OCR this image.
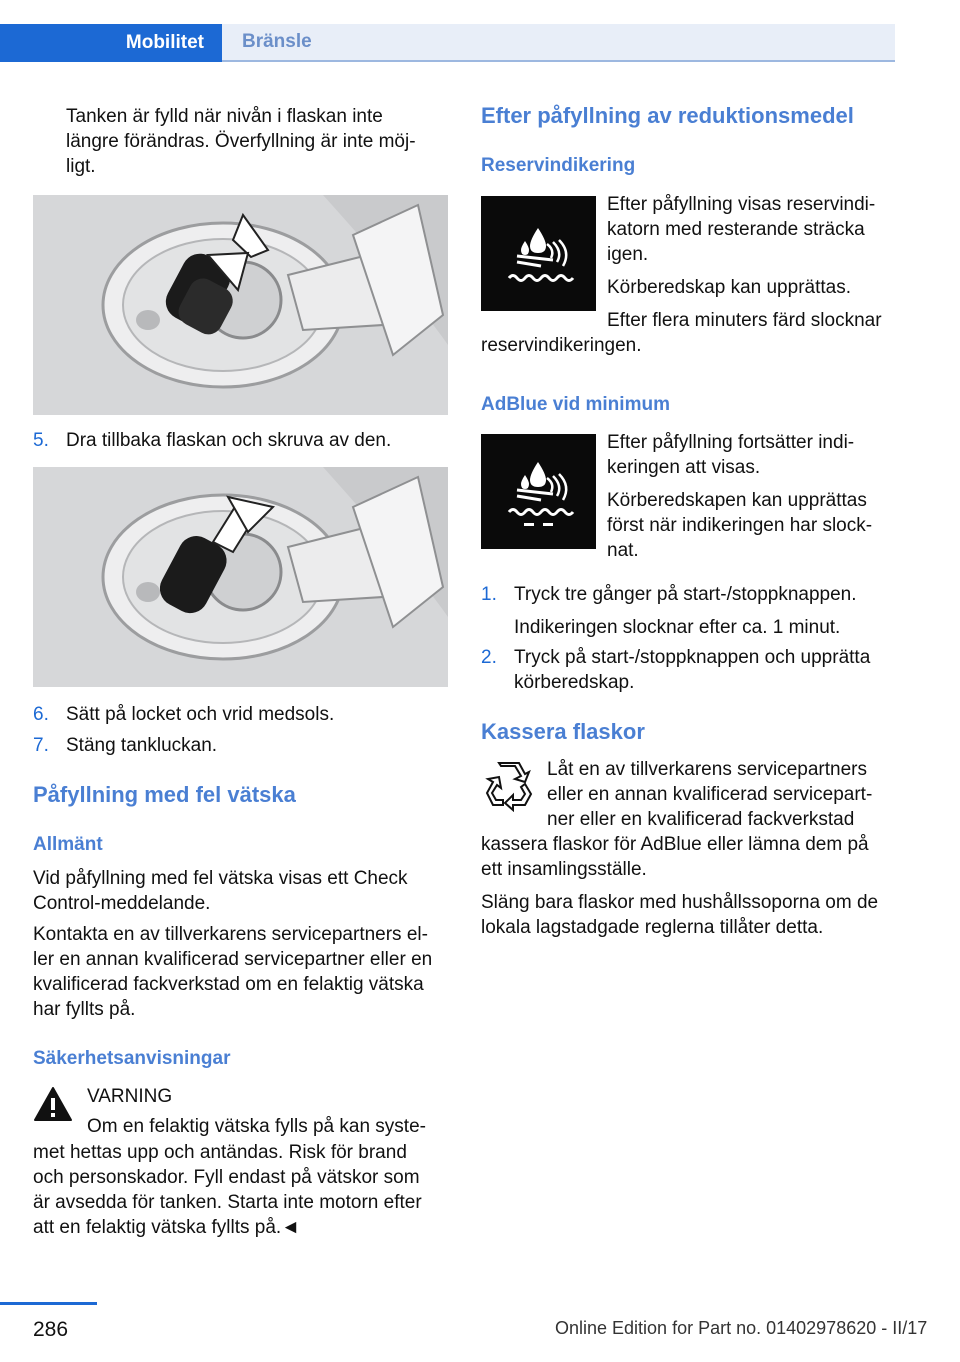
Mobilitet	Bränsle

Tanken är fylld när nivån i flaskan inte

längre förändras. Överfyllning är inte möj‐

ligt.

5. Dra tillbaka flaskan och skruva av den.

6. Sätt på locket och vrid medsols.

7. Stäng tankluckan.

Påfyllning med fel vätska
Allmänt

Vid påfyllning med fel vätska visas ett Check

Control-meddelande.

Kontakta en av tillverkarens servicepartners el‐

ler en annan kvalificerad servicepartner eller en

kvalificerad fackverkstad om en felaktig vätska

har fyllts på.

Säkerhetsanvisningar

VARNING

Om en felaktig vätska fylls på kan syste‐

met hettas upp och antändas. Risk för brand

och personskador. Fyll endast på vätskor som

är avsedda för tanken. Starta inte motorn efter

att en felaktig vätska fyllts på.◄

Efter påfyllning av reduktionsmedel
Reservindikering

Efter påfyllning visas reservindi‐

katorn med resterande sträcka

igen.

Körberedskap kan upprättas.

Efter flera minuters färd slocknar

reservindikeringen.

AdBlue vid minimum

Efter påfyllning fortsätter indi‐

keringen att visas.

Körberedskapen kan upprättas

först när indikeringen har slock‐

nat.

1. Tryck tre gånger på start-/stoppknappen.

Indikeringen slocknar efter ca. 1 minut.

2. Tryck på start-/stoppknappen och upprätta

körberedskap.

Kassera flaskor

Låt en av tillverkarens servicepartners

eller en annan kvalificerad servicepart‐

ner eller en kvalificerad fackverkstad

kassera flaskor för AdBlue eller lämna dem på

ett insamlingsställe.

Släng bara flaskor med hushållssoporna om de

lokala lagstadgade reglerna tillåter detta.

286	Online Edition for Part no. 01402978620 - II/17
